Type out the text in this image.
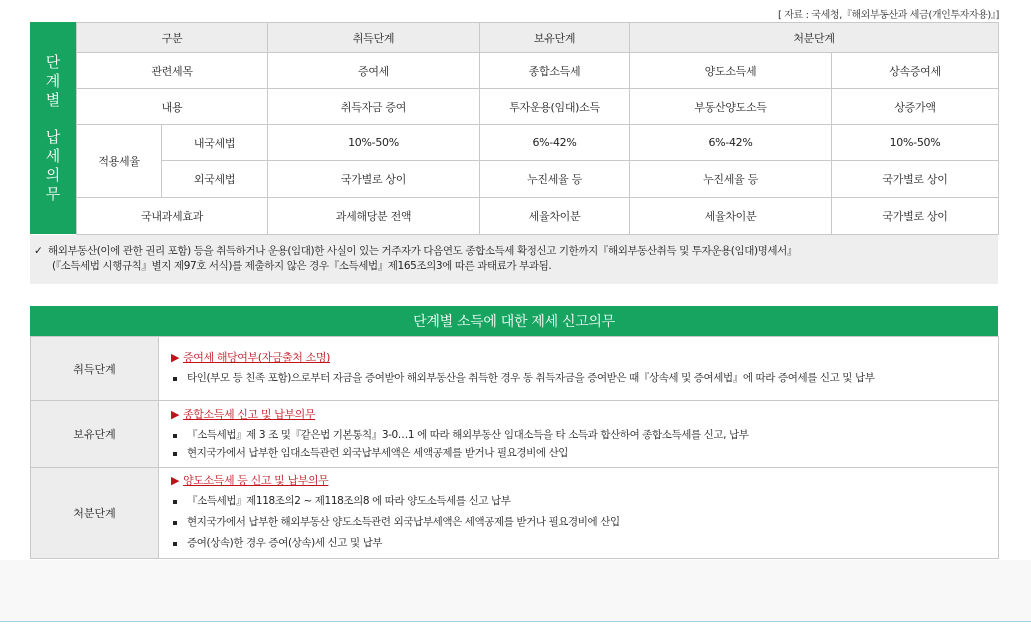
[ 자료 : 국세청,『해외부동산과 세금(개인투자자용)』]
단
계
별
납
세
의
무
구분		취득단계	보유단계	처분단계	
관련세목		증여세	종합소득세	양도소득세	상속증여세
내용		취득자금 증여	투자운용(임대)소득	부동산양도소득	상증가액
적용세율	내국세법	10%-50%	6%-42%	6%-42%	10%-50%
	외국세법	국가별로 상이	누진세율 등	누진세율 등	국가별로 상이
국내과세효과		과세해당분 전액	세율차이분	세율차이분	국가별로 상이
✓ 해외부동산(이에 관한 권리 포함) 등을 취득하거나 운용(임대)한 사실이 있는 거주자가 다음연도 종합소득세 확정신고 기한까지『해외부동산취득 및 투자운용(임대)명세서』
(『소득세법 시행규칙』별지 제97호 서식)를 제출하지 않은 경우『소득세법』제165조의3에 따른 과태료가 부과됨.
단계별 소득에 대한 제세 신고의무
취득단계	▶ 증여세 해당여부(자금출처 소명)
타인(부모 등 친족 포함)으로부터 자금을 증여받아 해외부동산을 취득한 경우 동 취득자금을 증여받은 때『상속세 및 증여세법』에 따라 증여세를 신고 및 납부

보유단계	▶ 종합소득세 신고 및 납부의무
『소득세법』제 3 조 및『같은법 기본통칙』3-0…1 에 따라 해외부동산 임대소득을 타 소득과 합산하여 종합소득세를 신고, 납부
현지국가에서 납부한 임대소득관련 외국납부세액은 세액공제를 받거나 필요경비에 산입

처분단계	▶ 양도소득세 등 신고 및 납부의무
『소득세법』제118조의2 ~ 제118조의8 에 따라 양도소득세를 신고 납부
현지국가에서 납부한 해외부동산 양도소득관련 외국납부세액은 세액공제를 받거나 필요경비에 산입
증여(상속)한 경우 증여(상속)세 신고 및 납부
